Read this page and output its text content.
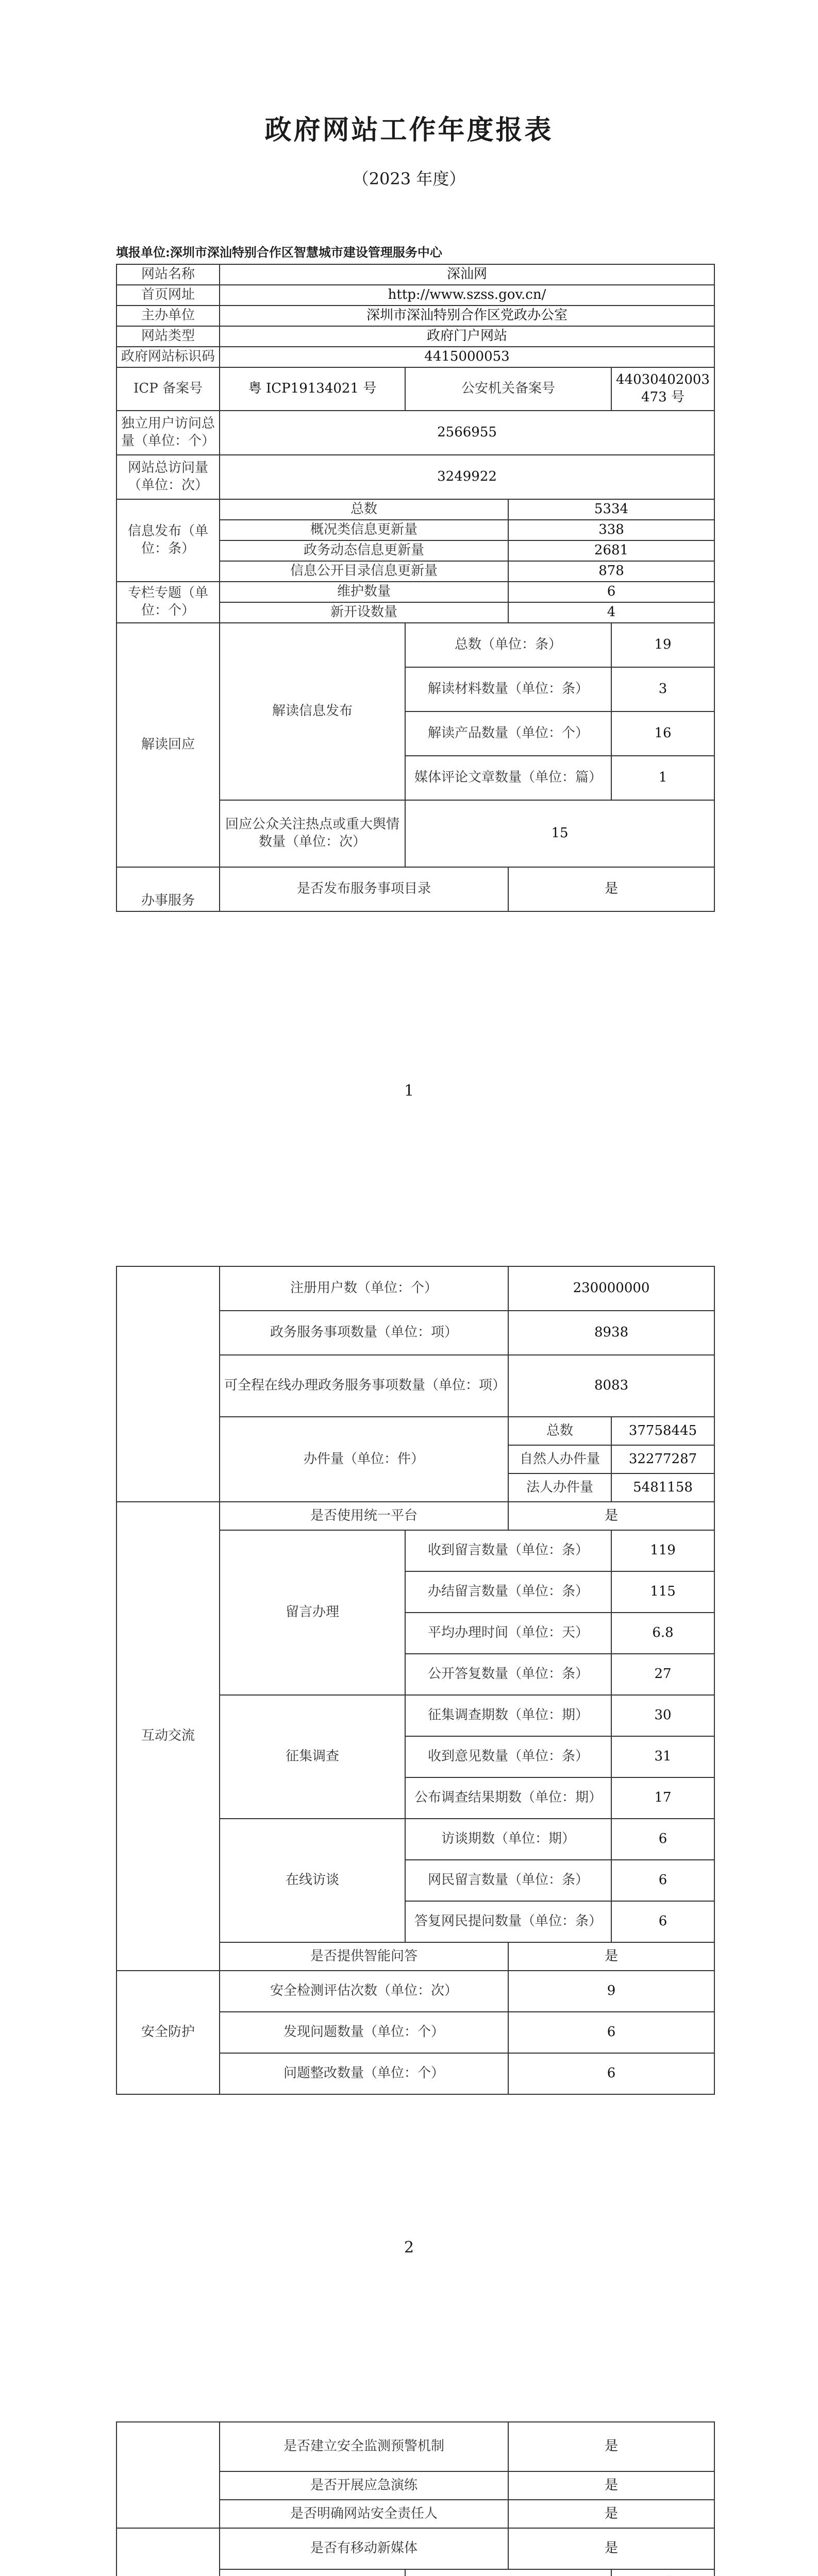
政府网站工作年度报表

（2023 年度）

填报单位:深圳市深汕特别合作区智慧城市建设管理服务中心

网站名称	深汕网			
首页网址	http://www.szss.gov.cn/			
主办单位	深圳市深汕特别合作区党政办公室			
网站类型	政府门户网站			
政府网站标识码	4415000053			
ICP 备案号	粤 ICP19134021 号	公安机关备案号		44030402003473 号
独立用户访问总量（单位：个）	2566955			
网站总访问量（单位：次）	3249922			
信息发布（单位：条）	总数		5334	
	概况类信息更新量		338	
	政务动态信息更新量		2681	
	信息公开目录信息更新量		878	
专栏专题（单位：个）	维护数量		6	
	新开设数量		4	
解读回应	解读信息发布	总数（单位：条）		19
		解读材料数量（单位：条）		3
		解读产品数量（单位：个）		16
		媒体评论文章数量（单位：篇）		1
	回应公众关注热点或重大舆情数量（单位：次）	15		
办事服务	是否发布服务事项目录		是	

1

	注册用户数（单位：个）		230000000	
	政务服务事项数量（单位：项）		8938	
	可全程在线办理政务服务事项数量（单位：项）		8083	
	办件量（单位：件）		总数	37758445
			自然人办件量	32277287
			法人办件量	5481158
互动交流	是否使用统一平台		是	
	留言办理	收到留言数量（单位：条）		119
		办结留言数量（单位：条）		115
		平均办理时间（单位：天）		6.8
		公开答复数量（单位：条）		27
	征集调查	征集调查期数（单位：期）		30
		收到意见数量（单位：条）		31
		公布调查结果期数（单位：期）		17
	在线访谈	访谈期数（单位：期）		6
		网民留言数量（单位：条）		6
		答复网民提问数量（单位：条）		6
	是否提供智能问答		是	
安全防护	安全检测评估次数（单位：次）		9	
	发现问题数量（单位：个）		6	
	问题整改数量（单位：个）		6	

2

	是否建立安全监测预警机制		是	
	是否开展应急演练		是	
	是否明确网站安全责任人		是	
	是否有移动新媒体		是	
